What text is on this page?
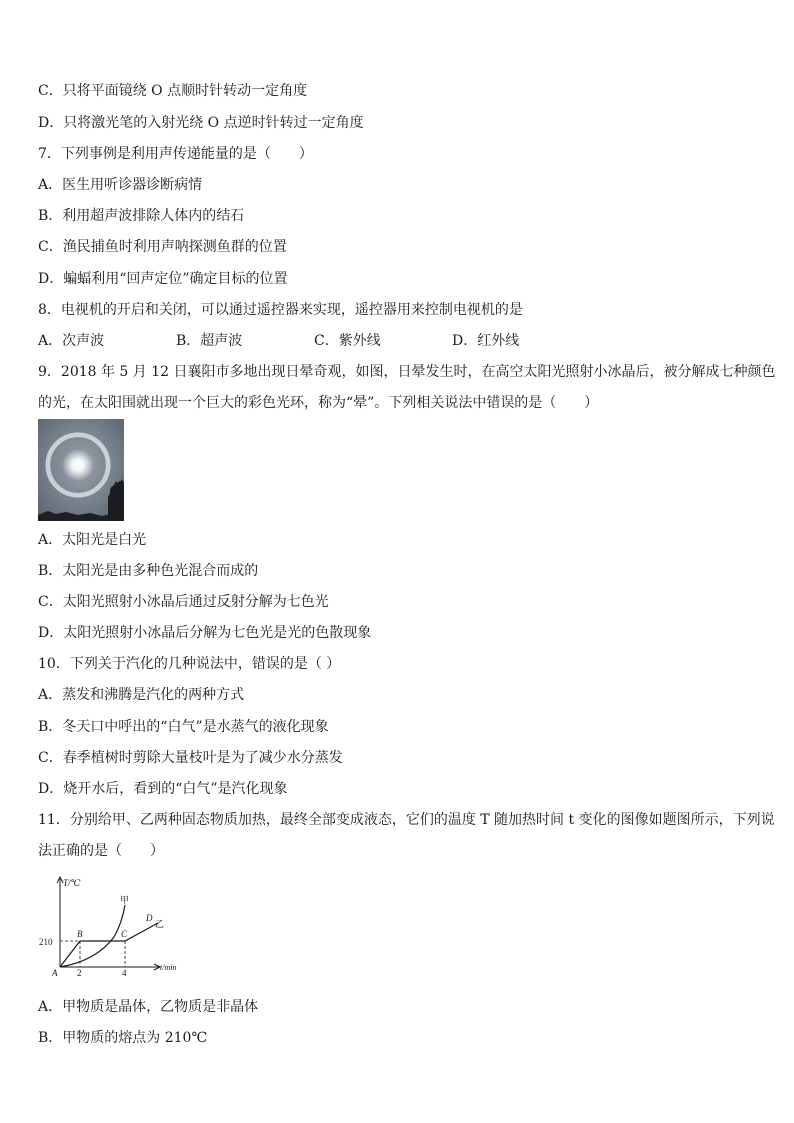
C．只将平面镜绕 O 点顺时针转动一定角度
D．只将激光笔的入射光绕 O 点逆时针转过一定角度
7．下列事例是利用声传递能量的是（　　）
A．医生用听诊器诊断病情
B．利用超声波排除人体内的结石
C．渔民捕鱼时利用声呐探测鱼群的位置
D．蝙蝠利用“回声定位”确定目标的位置
8．电视机的开启和关闭，可以通过遥控器来实现，遥控器用来控制电视机的是
A．次声波	B．超声波	C．紫外线	D．红外线
9．2018 年 5 月 12 日襄阳市多地出现日晕奇观，如图，日晕发生时，在高空太阳光照射小冰晶后，被分解成七种颜色
的光，在太阳围就出现一个巨大的彩色光环，称为“晕”。下列相关说法中错误的是（　　）
A．太阳光是白光
B．太阳光是由多种色光混合而成的
C．太阳光照射小冰晶后通过反射分解为七色光
D．太阳光照射小冰晶后分解为七色光是光的色散现象
10．下列关于汽化的几种说法中，错误的是（ ）
A．蒸发和沸腾是汽化的两种方式
B．冬天口中呼出的“白气”是水蒸气的液化现象
C．春季植树时剪除大量枝叶是为了减少水分蒸发
D．烧开水后，看到的“白气”是汽化现象
11．分别给甲、乙两种固态物质加热，最终全部变成液态，它们的温度 T 随加热时间 t 变化的图像如题图所示，下列说
法正确的是（　　）
T/℃
t/min
210
2	4
A
B	C
D
乙
甲
A．甲物质是晶体，乙物质是非晶体
B．甲物质的熔点为 210℃
